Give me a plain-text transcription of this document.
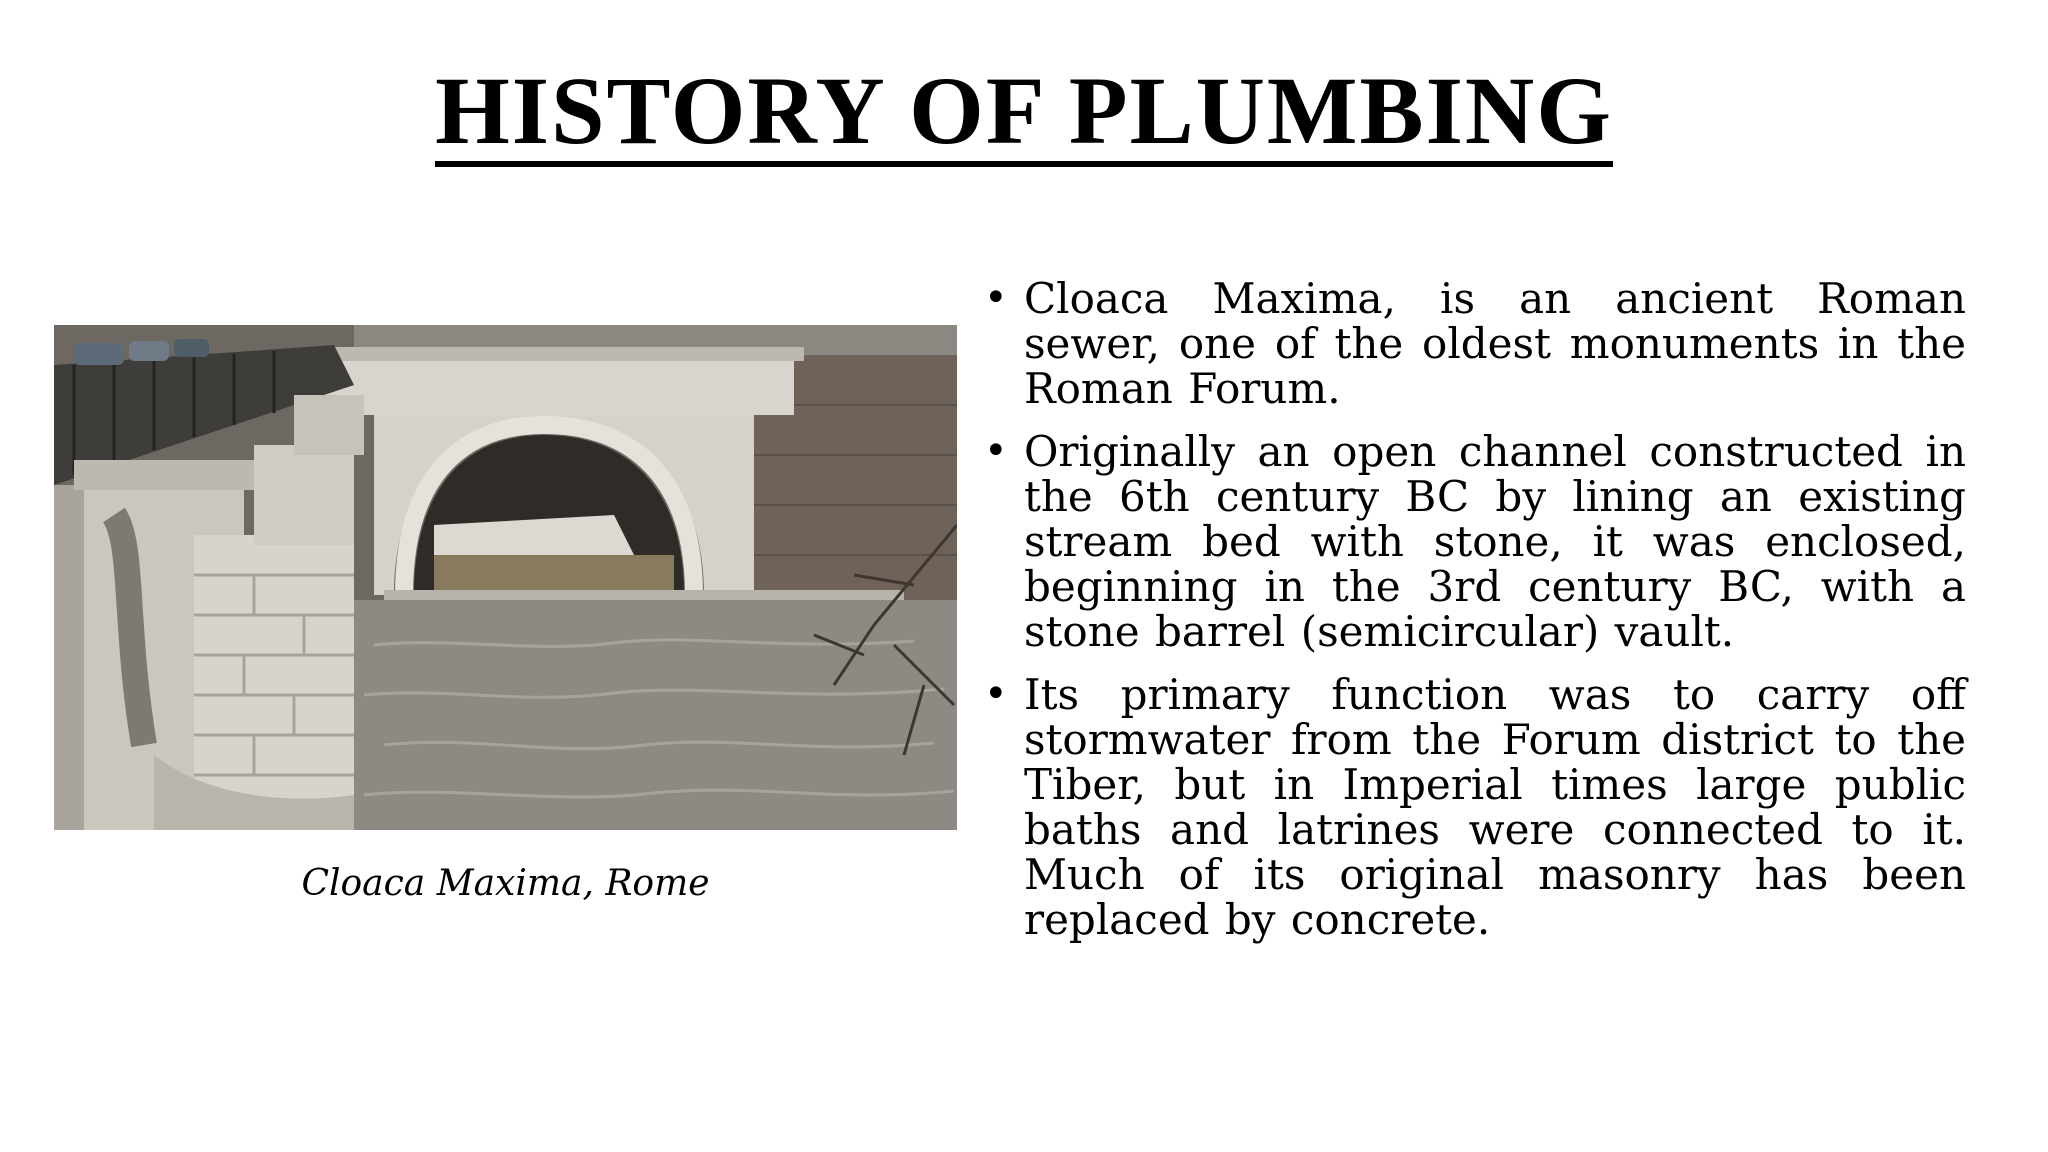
HISTORY OF PLUMBING

Cloaca Maxima, Rome

• Cloaca Maxima, is an ancient Roman sewer, one of the oldest monuments in the Roman Forum.
• Originally an open channel constructed in the 6th century BC by lining an existing stream bed with stone, it was enclosed, beginning in the 3rd century BC, with a stone barrel (semicircular) vault.
• Its primary function was to carry off stormwater from the Forum district to the Tiber, but in Imperial times large public baths and latrines were connected to it. Much of its original masonry has been replaced by concrete.
